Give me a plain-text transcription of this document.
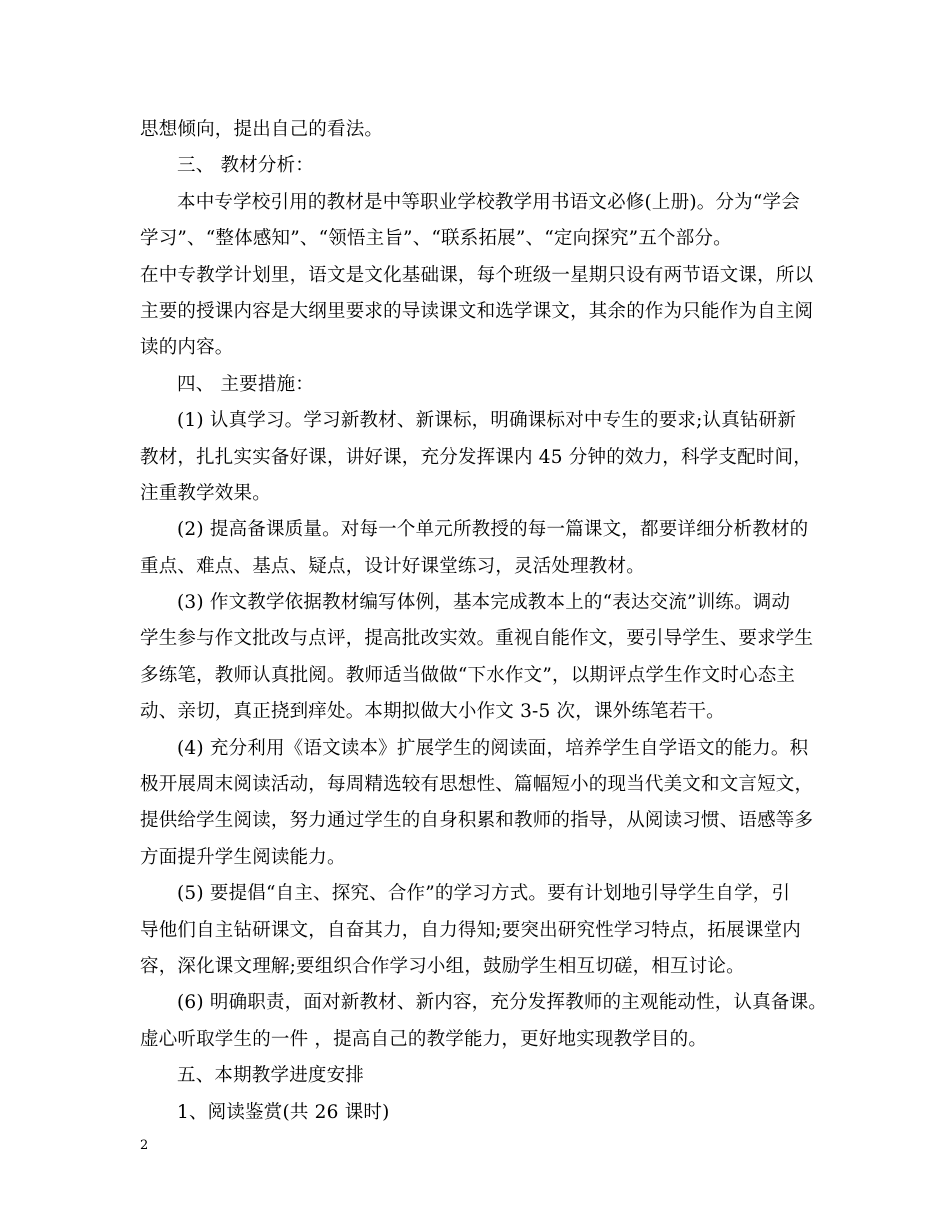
思想倾向，提出自己的看法。
三、 教材分析：
本中专学校引用的教材是中等职业学校教学用书语文必修(上册)。分为“学会
学习”、“整体感知”、“领悟主旨”、“联系拓展”、“定向探究”五个部分。
在中专教学计划里，语文是文化基础课，每个班级一星期只设有两节语文课，所以
主要的授课内容是大纲里要求的导读课文和选学课文，其余的作为只能作为自主阅
读的内容。
四、 主要措施：
(1) 认真学习。学习新教材、新课标，明确课标对中专生的要求;认真钻研新
教材，扎扎实实备好课，讲好课，充分发挥课内 45 分钟的效力，科学支配时间，
注重教学效果。
(2) 提高备课质量。对每一个单元所教授的每一篇课文，都要详细分析教材的
重点、难点、基点、疑点，设计好课堂练习，灵活处理教材。
(3) 作文教学依据教材编写体例，基本完成教本上的“表达交流”训练。调动
学生参与作文批改与点评，提高批改实效。重视自能作文，要引导学生、要求学生
多练笔，教师认真批阅。教师适当做做“下水作文”，以期评点学生作文时心态主
动、亲切，真正挠到痒处。本期拟做大小作文 3-5 次，课外练笔若干。
(4) 充分利用《语文读本》扩展学生的阅读面，培养学生自学语文的能力。积
极开展周末阅读活动，每周精选较有思想性、篇幅短小的现当代美文和文言短文，
提供给学生阅读，努力通过学生的自身积累和教师的指导，从阅读习惯、语感等多
方面提升学生阅读能力。
(5) 要提倡“自主、探究、合作”的学习方式。要有计划地引导学生自学，引
导他们自主钻研课文，自奋其力，自力得知;要突出研究性学习特点，拓展课堂内
容，深化课文理解;要组织合作学习小组，鼓励学生相互切磋，相互讨论。
(6) 明确职责，面对新教材、新内容，充分发挥教师的主观能动性，认真备课。
虚心听取学生的一件 ，提高自己的教学能力，更好地实现教学目的。
五、本期教学进度安排
1、阅读鉴赏(共 26 课时)
2
